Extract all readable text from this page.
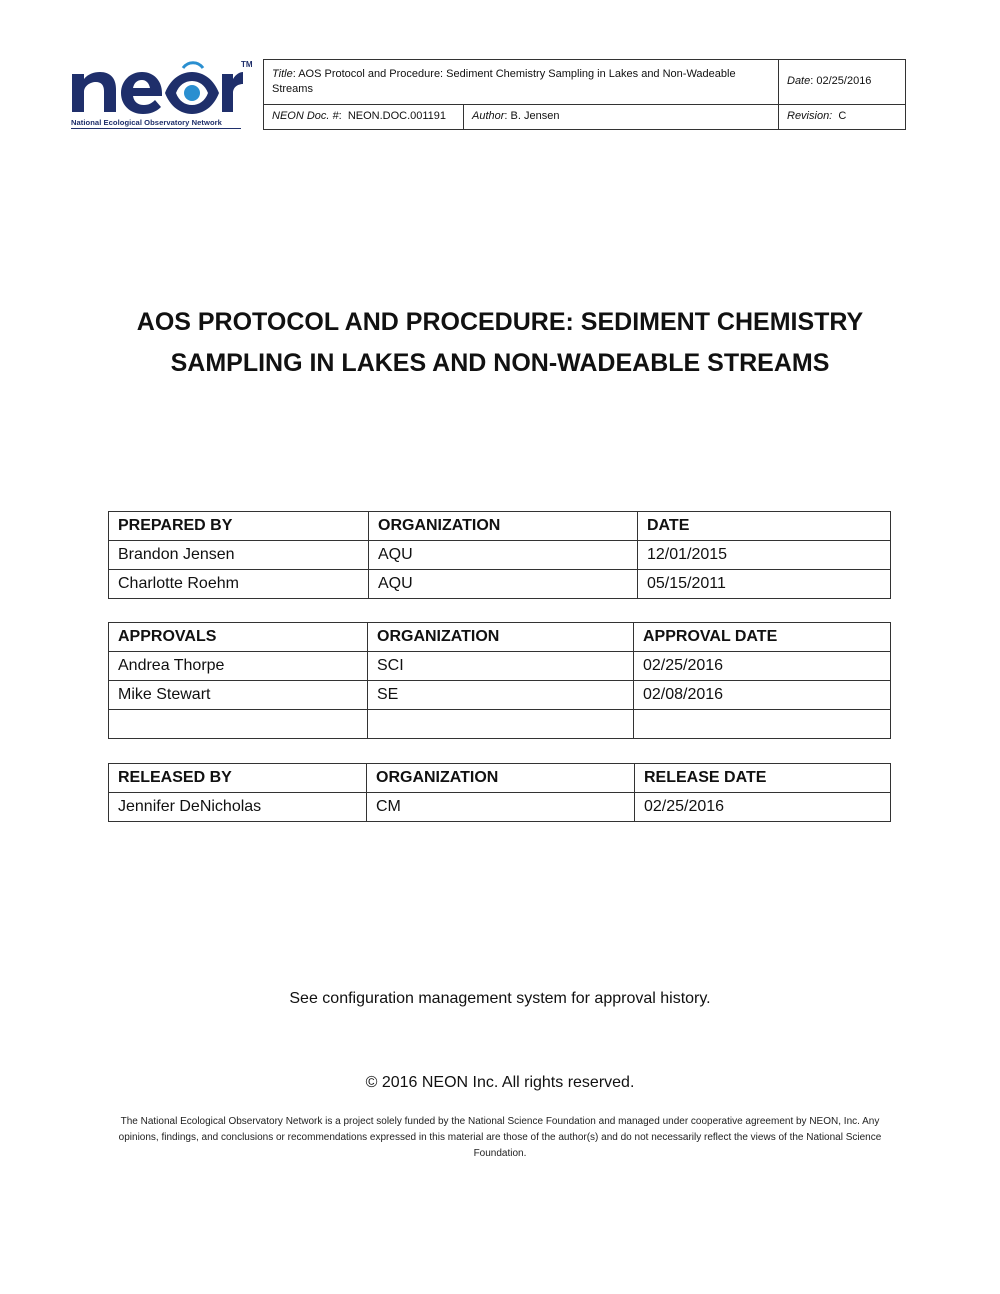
TM
National Ecological Observatory Network
Title: AOS Protocol and Procedure: Sediment Chemistry Sampling in Lakes and Non-Wadeable Streams		Date: 02/25/2016
NEON Doc. #:  NEON.DOC.001191	Author: B. Jensen	Revision: C
AOS PROTOCOL AND PROCEDURE: SEDIMENT CHEMISTRY
SAMPLING IN LAKES AND NON-WADEABLE STREAMS
PREPARED BY	ORGANIZATION	DATE
Brandon Jensen	AQU	12/01/2015
Charlotte Roehm	AQU	05/15/2011
APPROVALS	ORGANIZATION	APPROVAL DATE
Andrea Thorpe	SCI	02/25/2016
Mike Stewart	SE	02/08/2016

RELEASED BY	ORGANIZATION	RELEASE DATE
Jennifer DeNicholas	CM	02/25/2016
See configuration management system for approval history.
© 2016 NEON Inc. All rights reserved.
The National Ecological Observatory Network is a project solely funded by the National Science Foundation and managed under cooperative agreement by NEON, Inc. Any opinions, findings, and conclusions or recommendations expressed in this material are those of the author(s) and do not necessarily reflect the views of the National Science Foundation.
